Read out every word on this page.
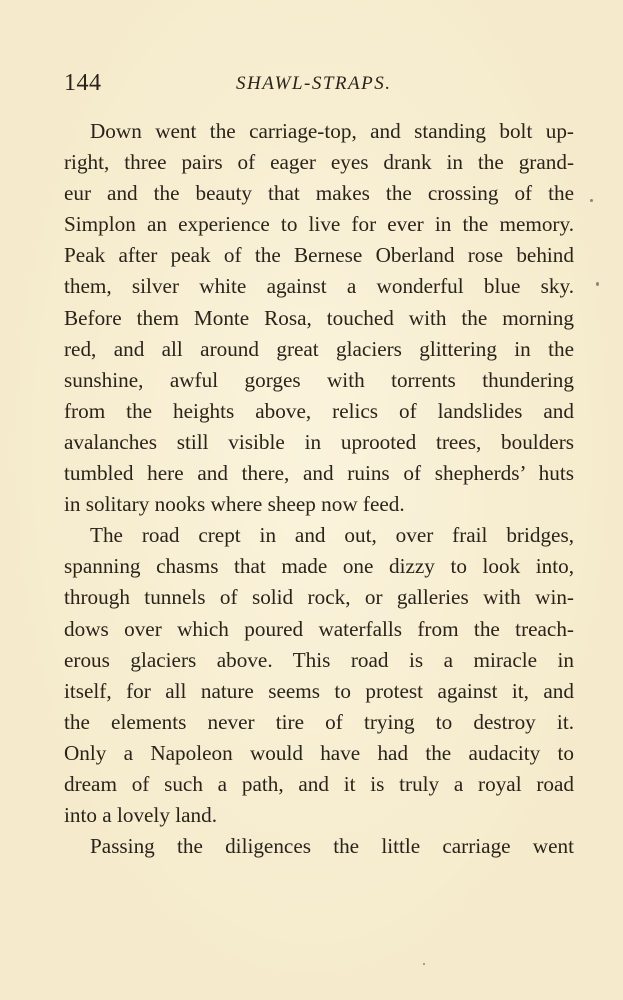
144	SHAWL-STRAPS.

Down went the carriage-top, and standing bolt up-
right, three pairs of eager eyes drank in the grand-
eur and the beauty that makes the crossing of the
Simplon an experience to live for ever in the memory.
Peak after peak of the Bernese Oberland rose behind
them, silver white against a wonderful blue sky.
Before them Monte Rosa, touched with the morning
red, and all around great glaciers glittering in the
sunshine, awful gorges with torrents thundering
from the heights above, relics of landslides and
avalanches still visible in uprooted trees, boulders
tumbled here and there, and ruins of shepherds’ huts
in solitary nooks where sheep now feed.

The road crept in and out, over frail bridges,
spanning chasms that made one dizzy to look into,
through tunnels of solid rock, or galleries with win-
dows over which poured waterfalls from the treach-
erous glaciers above. This road is a miracle in
itself, for all nature seems to protest against it, and
the elements never tire of trying to destroy it.
Only a Napoleon would have had the audacity to
dream of such a path, and it is truly a royal road
into a lovely land.

Passing the diligences the little carriage went
